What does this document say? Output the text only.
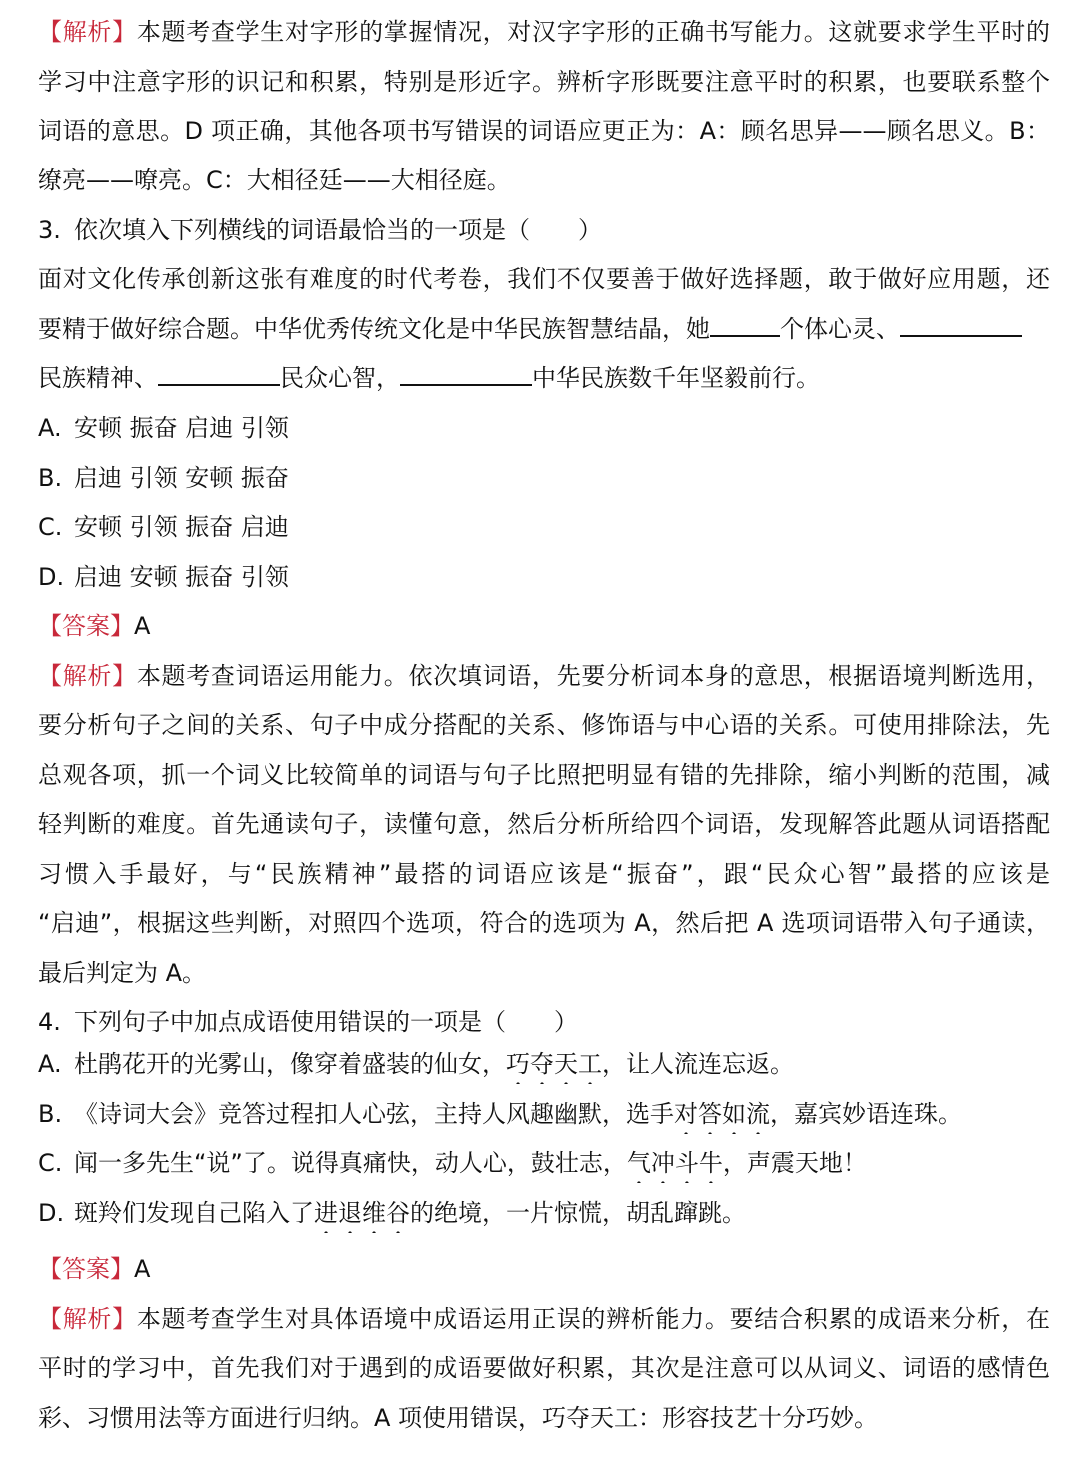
【解析】本题考查学生对字形的掌握情况，对汉字字形的正确书写能力。这就要求学生平时的
学习中注意字形的识记和积累，特别是形近字。辨析字形既要注意平时的积累，也要联系整个
词语的意思。D 项正确，其他各项书写错误的词语应更正为：A：顾名思异——顾名思义。B：
缭亮——嘹亮。C：大相径廷——大相径庭。
3. 依次填入下列横线的词语最恰当的一项是（　　）
面对文化传承创新这张有难度的时代考卷，我们不仅要善于做好选择题，敢于做好应用题，还
要精于做好综合题。中华优秀传统文化是中华民族智慧结晶，她	个体心灵、
民族精神、	民众心智，	中华民族数千年坚毅前行。
A. 安顿 振奋 启迪 引领
B. 启迪 引领 安顿 振奋
C. 安顿 引领 振奋 启迪
D. 启迪 安顿 振奋 引领
【答案】A
【解析】本题考查词语运用能力。依次填词语，先要分析词本身的意思，根据语境判断选用，
要分析句子之间的关系、句子中成分搭配的关系、修饰语与中心语的关系。可使用排除法，先
总观各项，抓一个词义比较简单的词语与句子比照把明显有错的先排除，缩小判断的范围，减
轻判断的难度。首先通读句子，读懂句意，然后分析所给四个词语，发现解答此题从词语搭配
习惯入手最好，与“民族精神”最搭的词语应该是“振奋”，跟“民众心智”最搭的应该是
“启迪”，根据这些判断，对照四个选项，符合的选项为 A，然后把 A 选项词语带入句子通读，
最后判定为 A。
4. 下列句子中加点成语使用错误的一项是（　　）
A. 杜鹃花开的光雾山，像穿着盛装的仙女，巧夺天工，让人流连忘返。
B. 《诗词大会》竞答过程扣人心弦，主持人风趣幽默，选手对答如流，嘉宾妙语连珠。
C. 闻一多先生“说”了。说得真痛快，动人心，鼓壮志，气冲斗牛，声震天地！
D. 斑羚们发现自己陷入了进退维谷的绝境，一片惊慌，胡乱蹿跳。
【答案】A
【解析】本题考查学生对具体语境中成语运用正误的辨析能力。要结合积累的成语来分析，在
平时的学习中，首先我们对于遇到的成语要做好积累，其次是注意可以从词义、词语的感情色
彩、习惯用法等方面进行归纳。A 项使用错误，巧夺天工：形容技艺十分巧妙。
